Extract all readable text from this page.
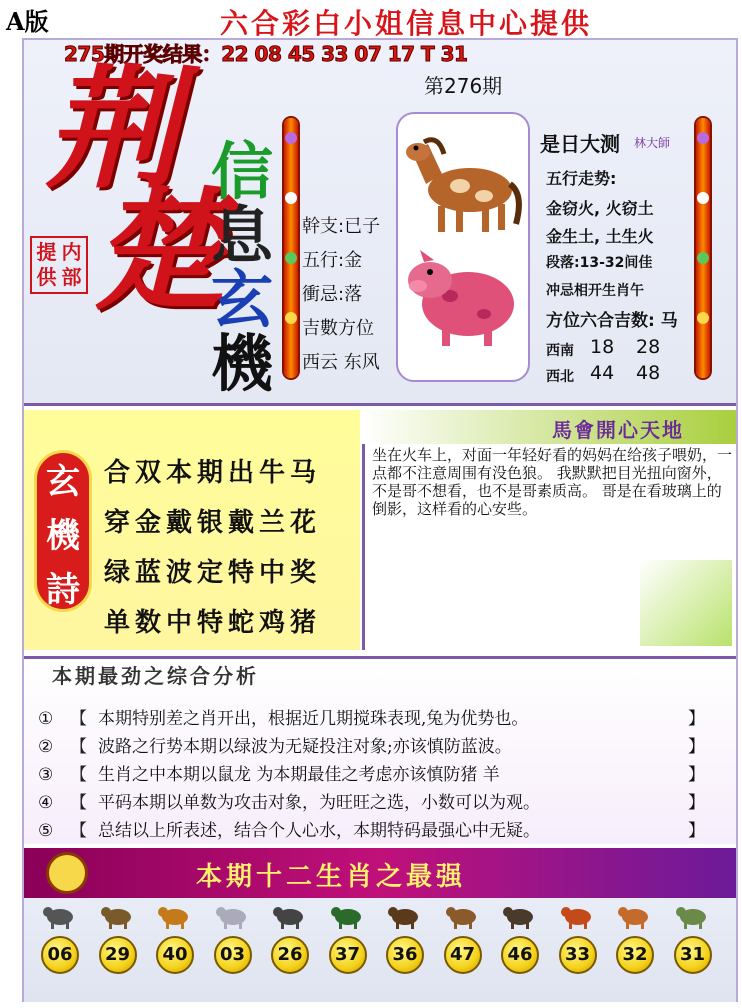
A版	六合彩白小姐信息中心提供
275期开奖结果：22 08 45 33 07 17 T 31
第276期
荆
楚
提 内
供 部
信
息
玄
機
幹支:已子
五行:金
衝忌:落
吉數方位
西云 东风
是日大测 林大師
五行走势:
金窃火, 火窃土
金生土, 土生火
段落:13-32间佳
冲忌相开生肖午
方位六合吉数: 马
西南 18 28
西北 44 48
玄
機
詩
合双本期出牛马
穿金戴银戴兰花
绿蓝波定特中奖
单数中特蛇鸡猪
馬會開心天地
坐在火车上，对面一年轻好看的妈妈在给孩子喂奶，一点都不注意周围有没色狼。 我默默把目光扭向窗外，不是哥不想看，也不是哥素质高。 哥是在看玻璃上的倒影，这样看的心安些。
本期最劲之综合分析
① 【 本期特别差之肖开出，根据近几期搅珠表现,兔为优势也。	】
② 【 波路之行势本期以绿波为无疑投注对象;亦该慎防蓝波。	】
③ 【 生肖之中本期以鼠龙 为本期最佳之考虑亦该慎防猪 羊	】
④ 【 平码本期以单数为攻击对象，为旺旺之选，小数可以为观。	】
⑤ 【 总结以上所表述，结合个人心水，本期特码最强心中无疑。	】
本期十二生肖之最强
06	29	40	03	26	37	36	47	46	33	32	31
